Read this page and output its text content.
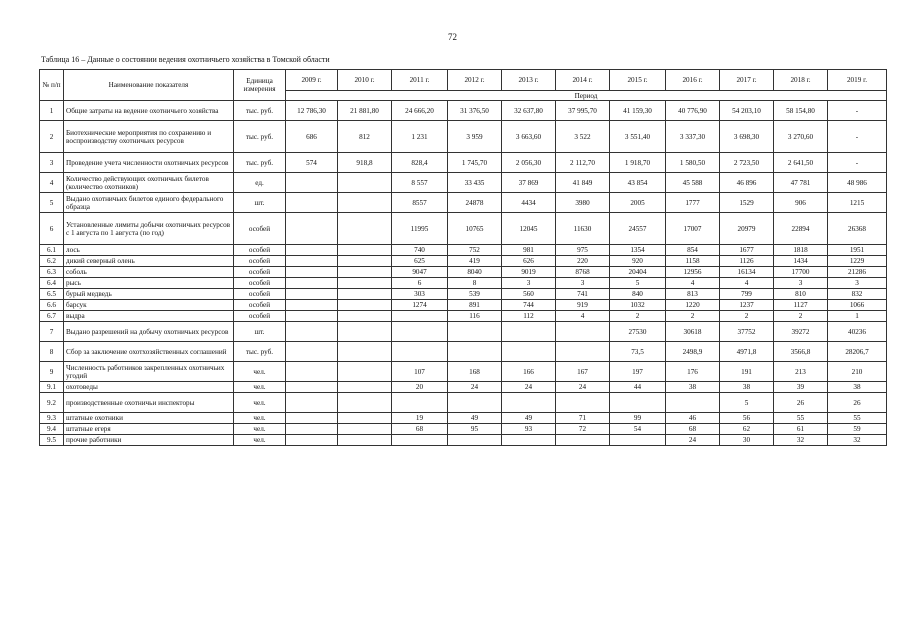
72
Таблица 16 – Данные о состоянии ведения охотничьего хозяйства в Томской области
№ п/п	Наименование показателя	Единица измерения	2009 г.	2010 г.	2011 г.	2012 г.	2013 г.	2014 г.	2015 г.	2016 г.	2017 г.	2018 г.	2019 г.
			Период										
1	Общие затраты на ведение охотничьего хозяйства	тыс. руб.	12 786,30	21 881,80	24 666,20	31 376,50	32 637,80	37 995,70	41 159,30	40 776,90	54 203,10	58 154,80	-
2	Биотехнические мероприятия по сохранению и воспроизводству охотничьих ресурсов	тыс. руб.	686	812	1 231	3 959	3 663,60	3 522	3 551,40	3 337,30	3 698,30	3 270,60	-
3	Проведение учета численности охотничьих ресурсов	тыс. руб.	574	918,8	828,4	1 745,70	2 056,30	2 112,70	1 918,70	1 580,50	2 723,50	2 641,50	-
4	Количество действующих охотничьих билетов (количество охотников)	ед.			8 557	33 435	37 869	41 849	43 854	45 588	46 896	47 781	48 986
5	Выдано охотничьих билетов единого федерального образца	шт.			8557	24878	4434	3980	2005	1777	1529	906	1215
6	Установленные лимиты добычи охотничьих ресурсов с 1 августа по 1 августа (по год)	особей			11995	10765	12045	11630	24557	17007	20979	22894	26368
6.1	лось	особей			740	752	981	975	1354	854	1677	1818	1951
6.2	дикий северный олень	особей			625	419	626	220	920	1158	1126	1434	1229
6.3	соболь	особей			9047	8040	9019	8768	20404	12956	16134	17700	21286
6.4	рысь	особей			6	8	3	3	5	4	4	3	3
6.5	бурый медведь	особей			303	539	560	741	840	813	799	810	832
6.6	барсук	особей			1274	891	744	919	1032	1220	1237	1127	1066
6.7	выдра	особей				116	112	4	2	2	2	2	1
7	Выдано разрешений на добычу охотничьих ресурсов	шт.							27530	30618	37752	39272	40236
8	Сбор за заключение охотхозяйственных соглашений	тыс. руб.							73,5	2498,9	4971,8	3566,8	28206,7
9	Численность работников закрепленных охотничьих угодий	чел.			107	168	166	167	197	176	191	213	210
9.1	охотоведы	чел.			20	24	24	24	44	38	38	39	38
9.2	производственные охотничьи инспекторы	чел.									5	26	26
9.3	штатные охотники	чел.			19	49	49	71	99	46	56	55	55
9.4	штатные егеря	чел.			68	95	93	72	54	68	62	61	59
9.5	прочие работники	чел.								24	30	32	32
